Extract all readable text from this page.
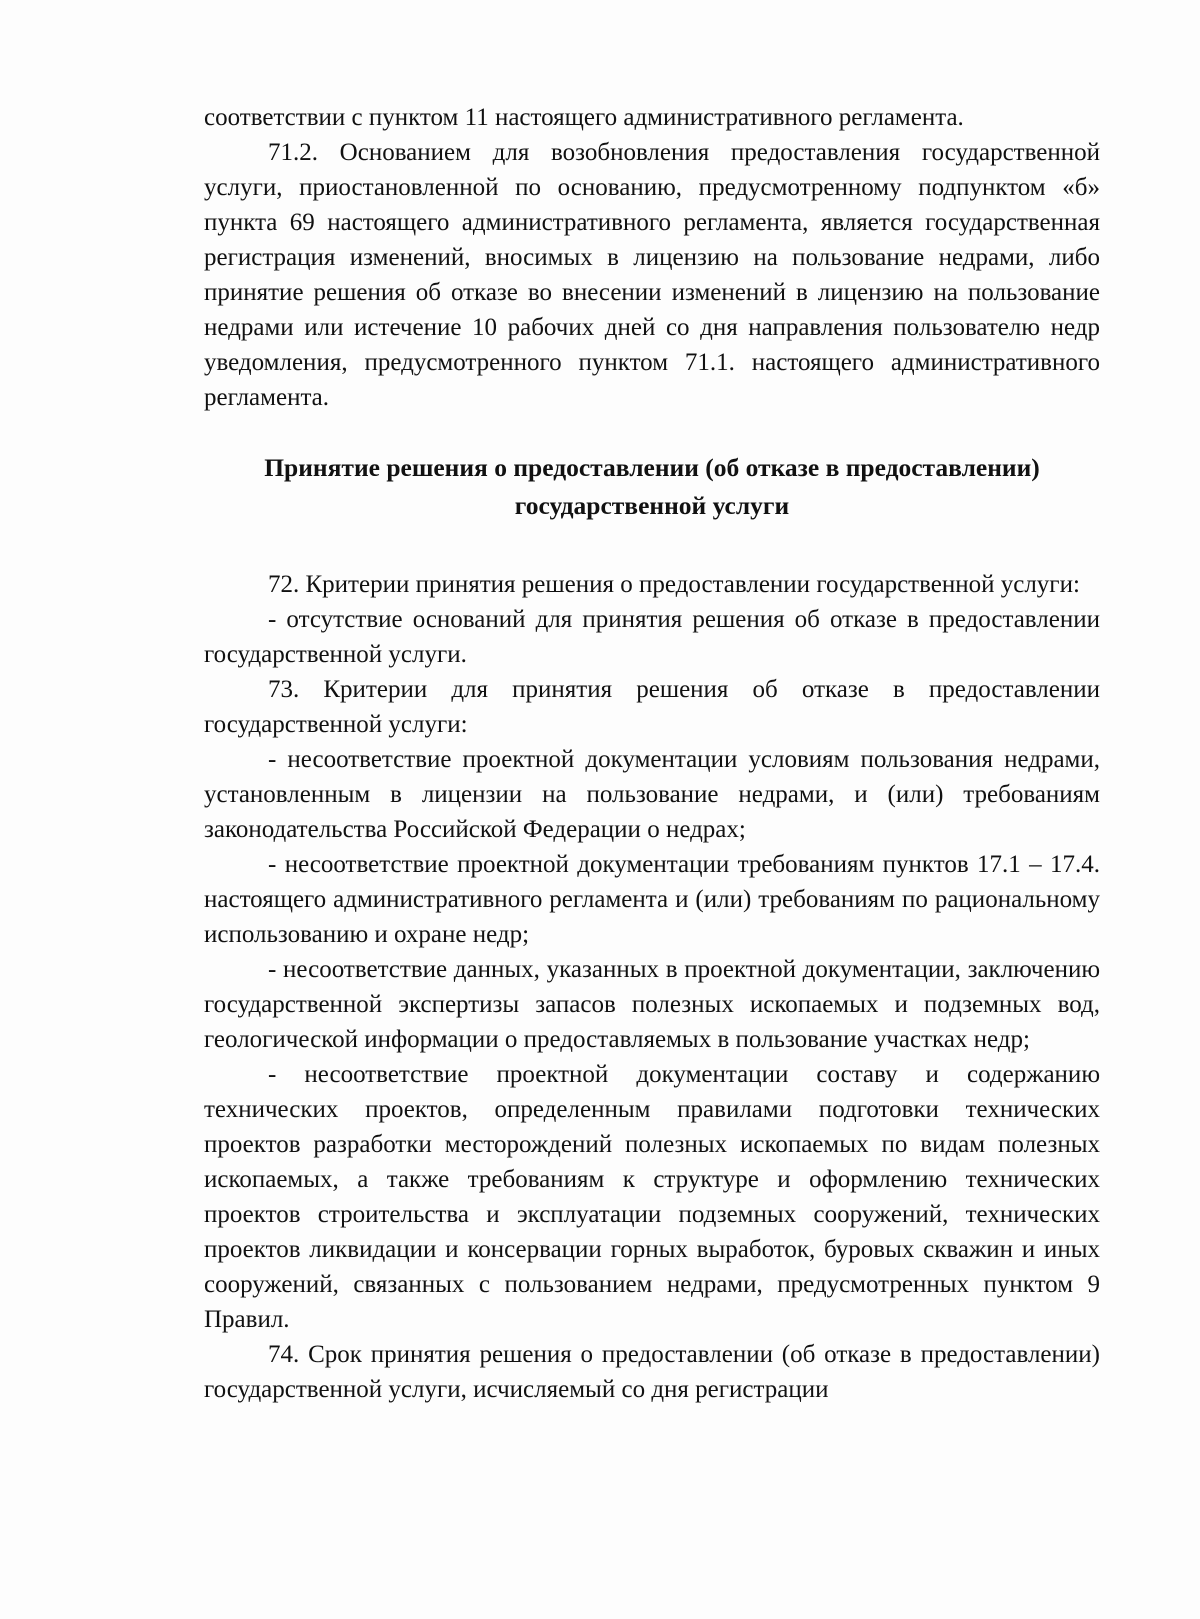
соответствии с пунктом 11 настоящего административного регламента.

71.2. Основанием для возобновления предоставления государственной услуги, приостановленной по основанию, предусмотренному подпунктом «б» пункта 69 настоящего административного регламента, является государственная регистрация изменений, вносимых в лицензию на пользование недрами, либо принятие решения об отказе во внесении изменений в лицензию на пользование недрами или истечение 10 рабочих дней со дня направления пользователю недр уведомления, предусмотренного пунктом 71.1. настоящего административного регламента.

Принятие решения о предоставлении (об отказе в предоставлении)
государственной услуги

72. Критерии принятия решения о предоставлении государственной услуги:

- отсутствие оснований для принятия решения об отказе в предоставлении государственной услуги.

73. Критерии для принятия решения об отказе в предоставлении государственной услуги:

- несоответствие проектной документации условиям пользования недрами, установленным в лицензии на пользование недрами, и (или) требованиям законодательства Российской Федерации о недрах;

- несоответствие проектной документации требованиям пунктов 17.1 – 17.4. настоящего административного регламента и (или) требованиям по рациональному использованию и охране недр;

- несоответствие данных, указанных в проектной документации, заключению государственной экспертизы запасов полезных ископаемых и подземных вод, геологической информации о предоставляемых в пользование участках недр;

- несоответствие проектной документации составу и содержанию технических проектов, определенным правилами подготовки технических проектов разработки месторождений полезных ископаемых по видам полезных ископаемых, а также требованиям к структуре и оформлению технических проектов строительства и эксплуатации подземных сооружений, технических проектов ликвидации и консервации горных выработок, буровых скважин и иных сооружений, связанных с пользованием недрами, предусмотренных пунктом 9 Правил.

74. Срок принятия решения о предоставлении (об отказе в предоставлении) государственной услуги, исчисляемый со дня регистрации
